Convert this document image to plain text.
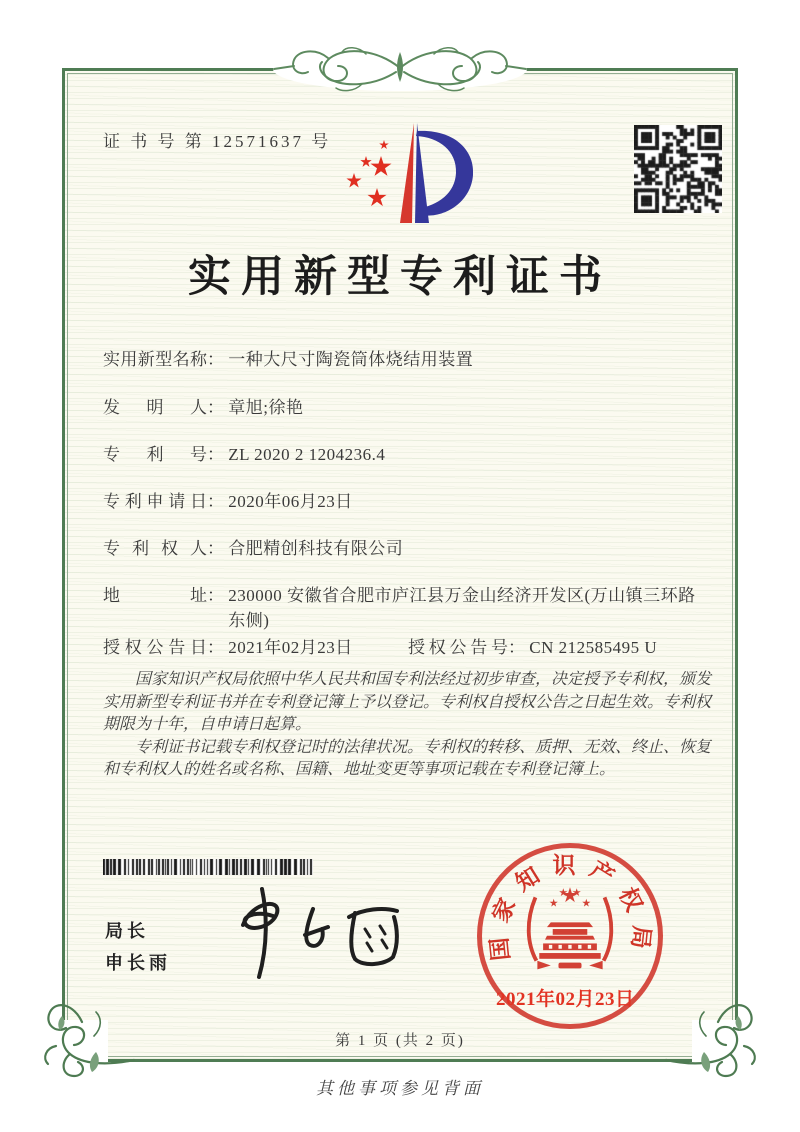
证 书 号 第 12571637 号
实用新型专利证书
实用新型名称： 一种大尺寸陶瓷筒体烧结用装置
发明人： 章旭;徐艳
专利号： ZL 2020 2 1204236.4
专利申请日： 2020年06月23日
专利权人： 合肥精创科技有限公司
地址： 230000 安徽省合肥市庐江县万金山经济开发区(万山镇三环路东侧)
授权公告日： 2021年02月23日	授权公告号： CN 212585495 U

国家知识产权局依照中华人民共和国专利法经过初步审查，决定授予专利权，颁发实用新型专利证书并在专利登记簿上予以登记。专利权自授权公告之日起生效。专利权期限为十年，自申请日起算。

专利证书记载专利权登记时的法律状况。专利权的转移、质押、无效、终止、恢复和专利权人的姓名或名称、国籍、地址变更等事项记载在专利登记簿上。

局长
申长雨
国家知识产权局
2021年02月23日
第 1 页 (共 2 页)
其他事项参见背面
